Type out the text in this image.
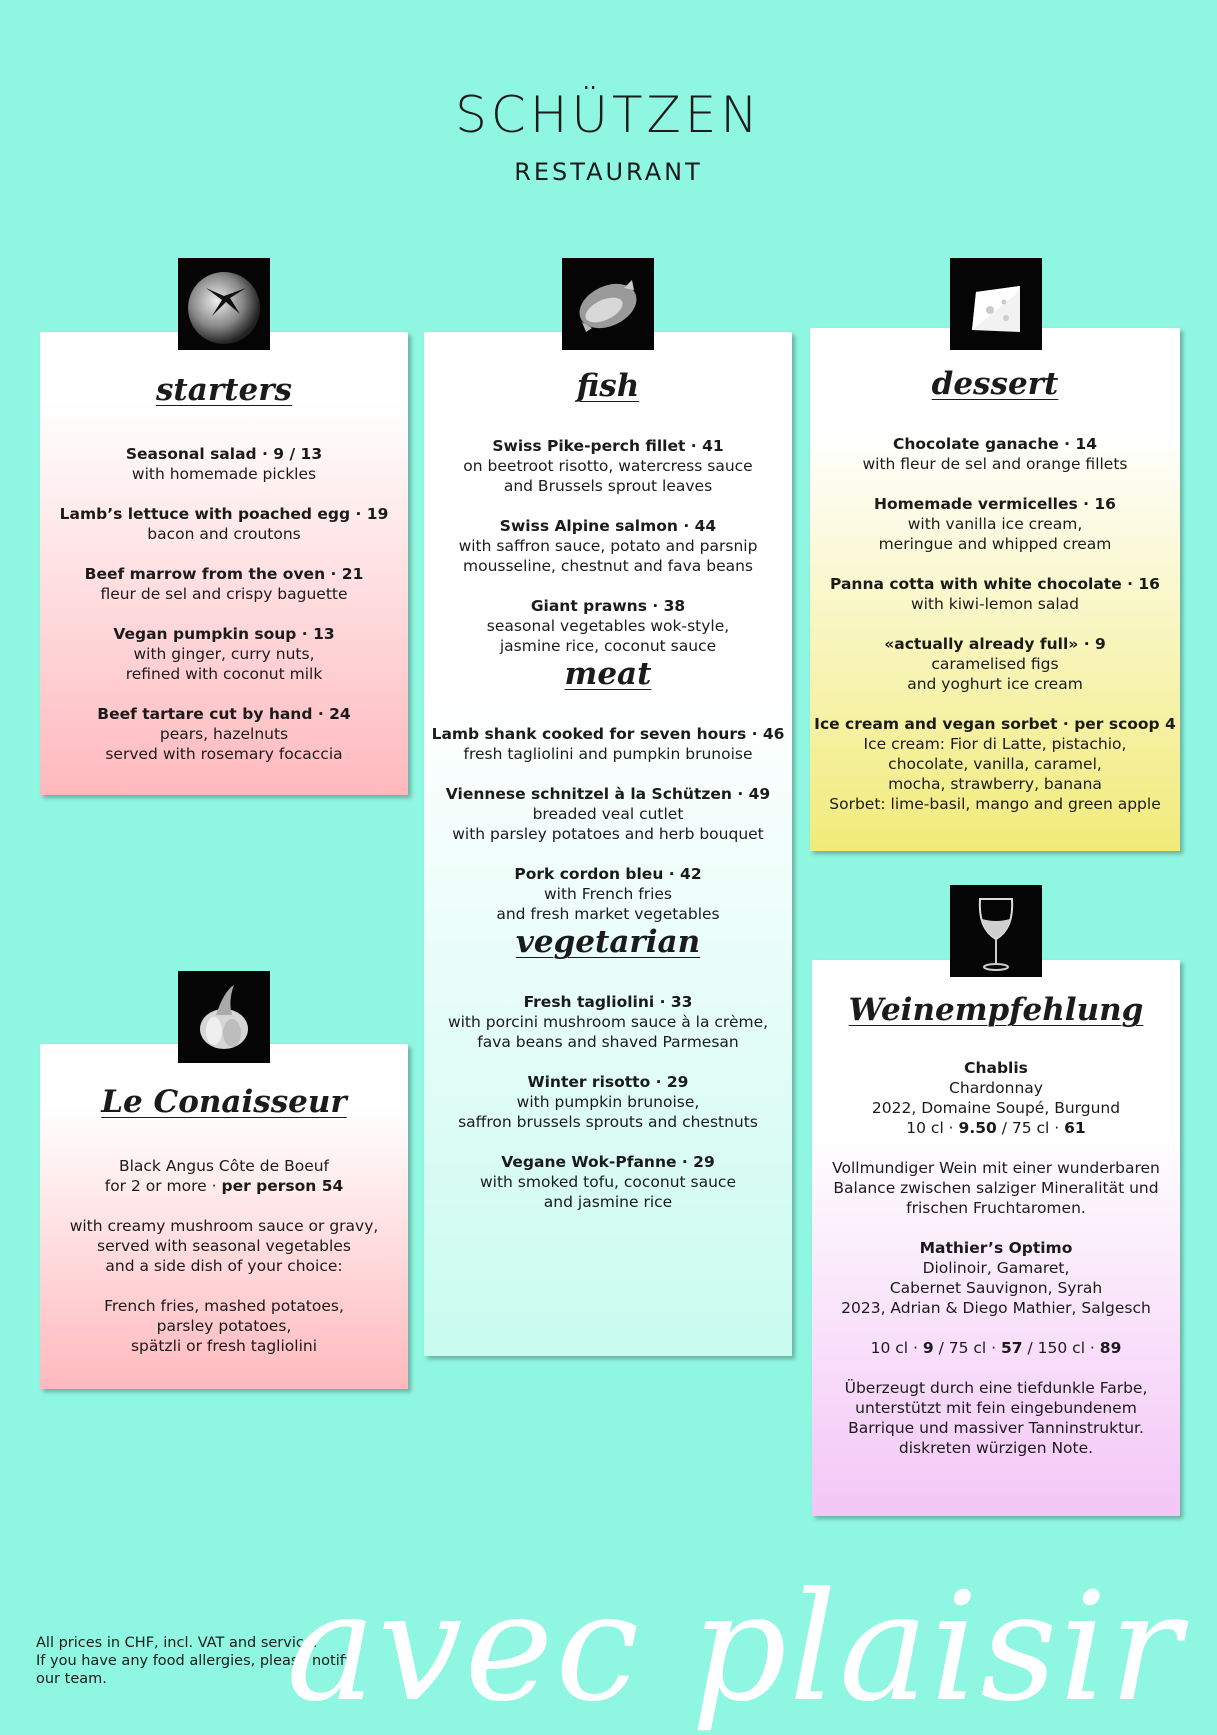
SCHÜTZEN
RESTAURANT
starters
Seasonal salad · 9 / 13
with homemade pickles
Lamb’s lettuce with poached egg · 19
bacon and croutons
Beef marrow from the oven · 21
fleur de sel and crispy baguette
Vegan pumpkin soup · 13
with ginger, curry nuts,
refined with coconut milk
Beef tartare cut by hand · 24
pears, hazelnuts
served with rosemary focaccia
fish
Swiss Pike-perch fillet · 41
on beetroot risotto, watercress sauce
and Brussels sprout leaves
Swiss Alpine salmon · 44
with saffron sauce, potato and parsnip
mousseline, chestnut and fava beans
Giant prawns · 38
seasonal vegetables wok-style,
jasmine rice, coconut sauce
meat
Lamb shank cooked for seven hours · 46
fresh tagliolini and pumpkin brunoise
Viennese schnitzel à la Schützen · 49
breaded veal cutlet
with parsley potatoes and herb bouquet
Pork cordon bleu · 42
with French fries
and fresh market vegetables
vegetarian
Fresh tagliolini · 33
with porcini mushroom sauce à la crème,
fava beans and shaved Parmesan
Winter risotto · 29
with pumpkin brunoise,
saffron brussels sprouts and chestnuts
Vegane Wok-Pfanne · 29
with smoked tofu, coconut sauce
and jasmine rice
dessert
Chocolate ganache · 14
with fleur de sel and orange fillets
Homemade vermicelles · 16
with vanilla ice cream,
meringue and whipped cream
Panna cotta with white chocolate · 16
with kiwi-lemon salad
«actually already full» · 9
caramelised figs
and yoghurt ice cream
Ice cream and vegan sorbet · per scoop 4
Ice cream: Fior di Latte, pistachio,
chocolate, vanilla, caramel,
mocha, strawberry, banana
Sorbet: lime-basil, mango and green apple
Le Conaisseur
Black Angus Côte de Boeuf
for 2 or more · per person 54
with creamy mushroom sauce or gravy,
served with seasonal vegetables
and a side dish of your choice:
French fries, mashed potatoes,
parsley potatoes,
spätzli or fresh tagliolini
Weinempfehlung
Chablis
Chardonnay
2022, Domaine Soupé, Burgund
10 cl · 9.50 / 75 cl · 61
Vollmundiger Wein mit einer wunderbaren
Balance zwischen salziger Mineralität und
frischen Fruchtaromen.
Mathier’s Optimo
Diolinoir, Gamaret,
Cabernet Sauvignon, Syrah
2023, Adrian & Diego Mathier, Salgesch
10 cl · 9 / 75 cl · 57 / 150 cl · 89
Überzeugt durch eine tiefdunkle Farbe,
unterstützt mit fein eingebundenem
Barrique und massiver Tanninstruktur.
diskreten würzigen Note.
All prices in CHF, incl. VAT and service.
If you have any food allergies, please notify
our team.	avec plaisir
